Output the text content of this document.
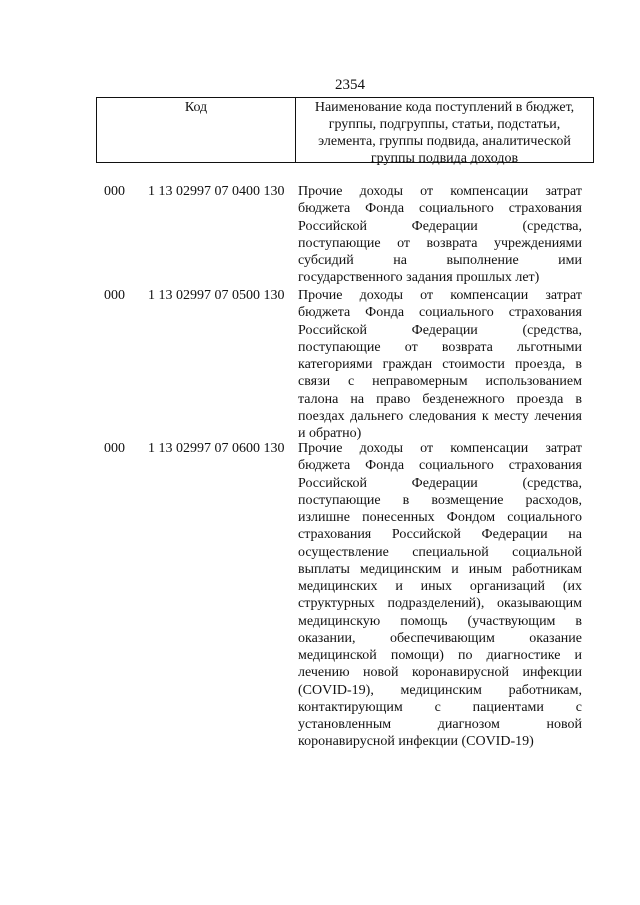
2354
Код	Наименование кода поступлений в бюджет, группы, подгруппы, статьи, подстатьи, элемента, группы подвида, аналитической группы подвида доходов
000	1 13 02997 07 0400 130 Прочие доходы от компенсации затрат
бюджета Фонда социального страхования
Российской Федерации (средства,
поступающие от возврата учреждениями
субсидий на выполнение ими
государственного задания прошлых лет)
000	1 13 02997 07 0500 130 Прочие доходы от компенсации затрат
бюджета Фонда социального страхования
Российской Федерации (средства,
поступающие от возврата льготными
категориями граждан стоимости проезда, в
связи с неправомерным использованием
талона на право безденежного проезда в
поездах дальнего следования к месту лечения
и обратно)
000	1 13 02997 07 0600 130 Прочие доходы от компенсации затрат
бюджета Фонда социального страхования
Российской Федерации (средства,
поступающие в возмещение расходов,
излишне понесенных Фондом социального
страхования Российской Федерации на
осуществление специальной социальной
выплаты медицинским и иным работникам
медицинских и иных организаций (их
структурных подразделений), оказывающим
медицинскую помощь (участвующим в
оказании, обеспечивающим оказание
медицинской помощи) по диагностике и
лечению новой коронавирусной инфекции
(COVID-19), медицинским работникам,
контактирующим с пациентами с
установленным диагнозом новой
коронавирусной инфекции (COVID-19)
